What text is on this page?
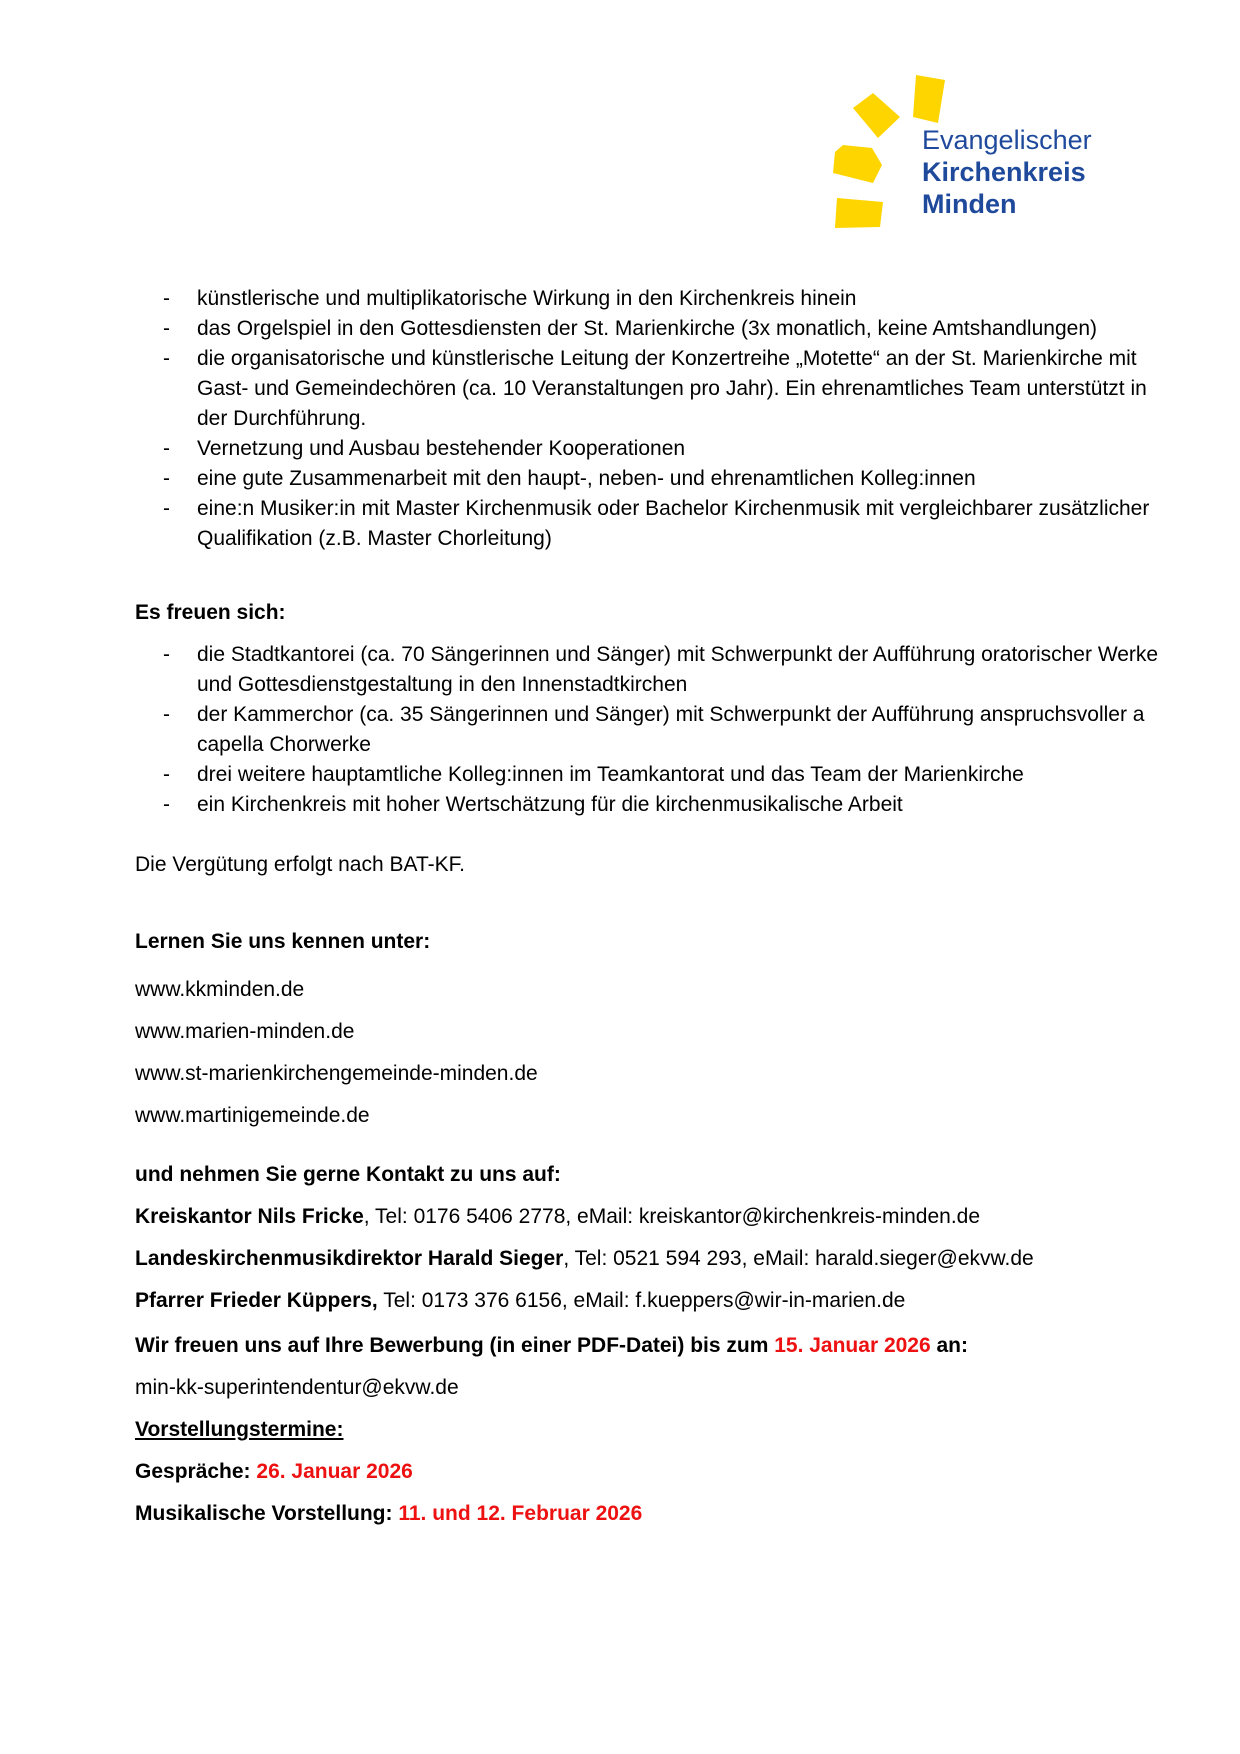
Evangelischer
Kirchenkreis
Minden
- künstlerische und multiplikatorische Wirkung in den Kirchenkreis hinein
- das Orgelspiel in den Gottesdiensten der St. Marienkirche (3x monatlich, keine Amtshandlungen)
- die organisatorische und künstlerische Leitung der Konzertreihe „Motette“ an der St. Marienkirche mit Gast- und Gemeindechören (ca. 10 Veranstaltungen pro Jahr). Ein ehrenamtliches Team unterstützt in der Durchführung.
- Vernetzung und Ausbau bestehender Kooperationen
- eine gute Zusammenarbeit mit den haupt-, neben- und ehrenamtlichen Kolleg:innen
- eine:n Musiker:in mit Master Kirchenmusik oder Bachelor Kirchenmusik mit vergleichbarer zusätzlicher Qualifikation (z.B. Master Chorleitung)

Es freuen sich:

- die Stadtkantorei (ca. 70 Sängerinnen und Sänger) mit Schwerpunkt der Aufführung oratorischer Werke und Gottesdienstgestaltung in den Innenstadtkirchen
- der Kammerchor (ca. 35 Sängerinnen und Sänger) mit Schwerpunkt der Aufführung anspruchsvoller a capella Chorwerke
- drei weitere hauptamtliche Kolleg:innen im Teamkantorat und das Team der Marienkirche
- ein Kirchenkreis mit hoher Wertschätzung für die kirchenmusikalische Arbeit

Die Vergütung erfolgt nach BAT-KF.

Lernen Sie uns kennen unter:

www.kkminden.de

www.marien-minden.de

www.st-marienkirchengemeinde-minden.de

www.martinigemeinde.de

und nehmen Sie gerne Kontakt zu uns auf:

Kreiskantor Nils Fricke, Tel: 0176 5406 2778, eMail: kreiskantor@kirchenkreis-minden.de

Landeskirchenmusikdirektor Harald Sieger, Tel: 0521 594 293, eMail: harald.sieger@ekvw.de

Pfarrer Frieder Küppers, Tel: 0173 376 6156, eMail: f.kueppers@wir-in-marien.de

Wir freuen uns auf Ihre Bewerbung (in einer PDF-Datei) bis zum 15. Januar 2026 an:

min-kk-superintendentur@ekvw.de

Vorstellungstermine:

Gespräche: 26. Januar 2026

Musikalische Vorstellung: 11. und 12. Februar 2026
